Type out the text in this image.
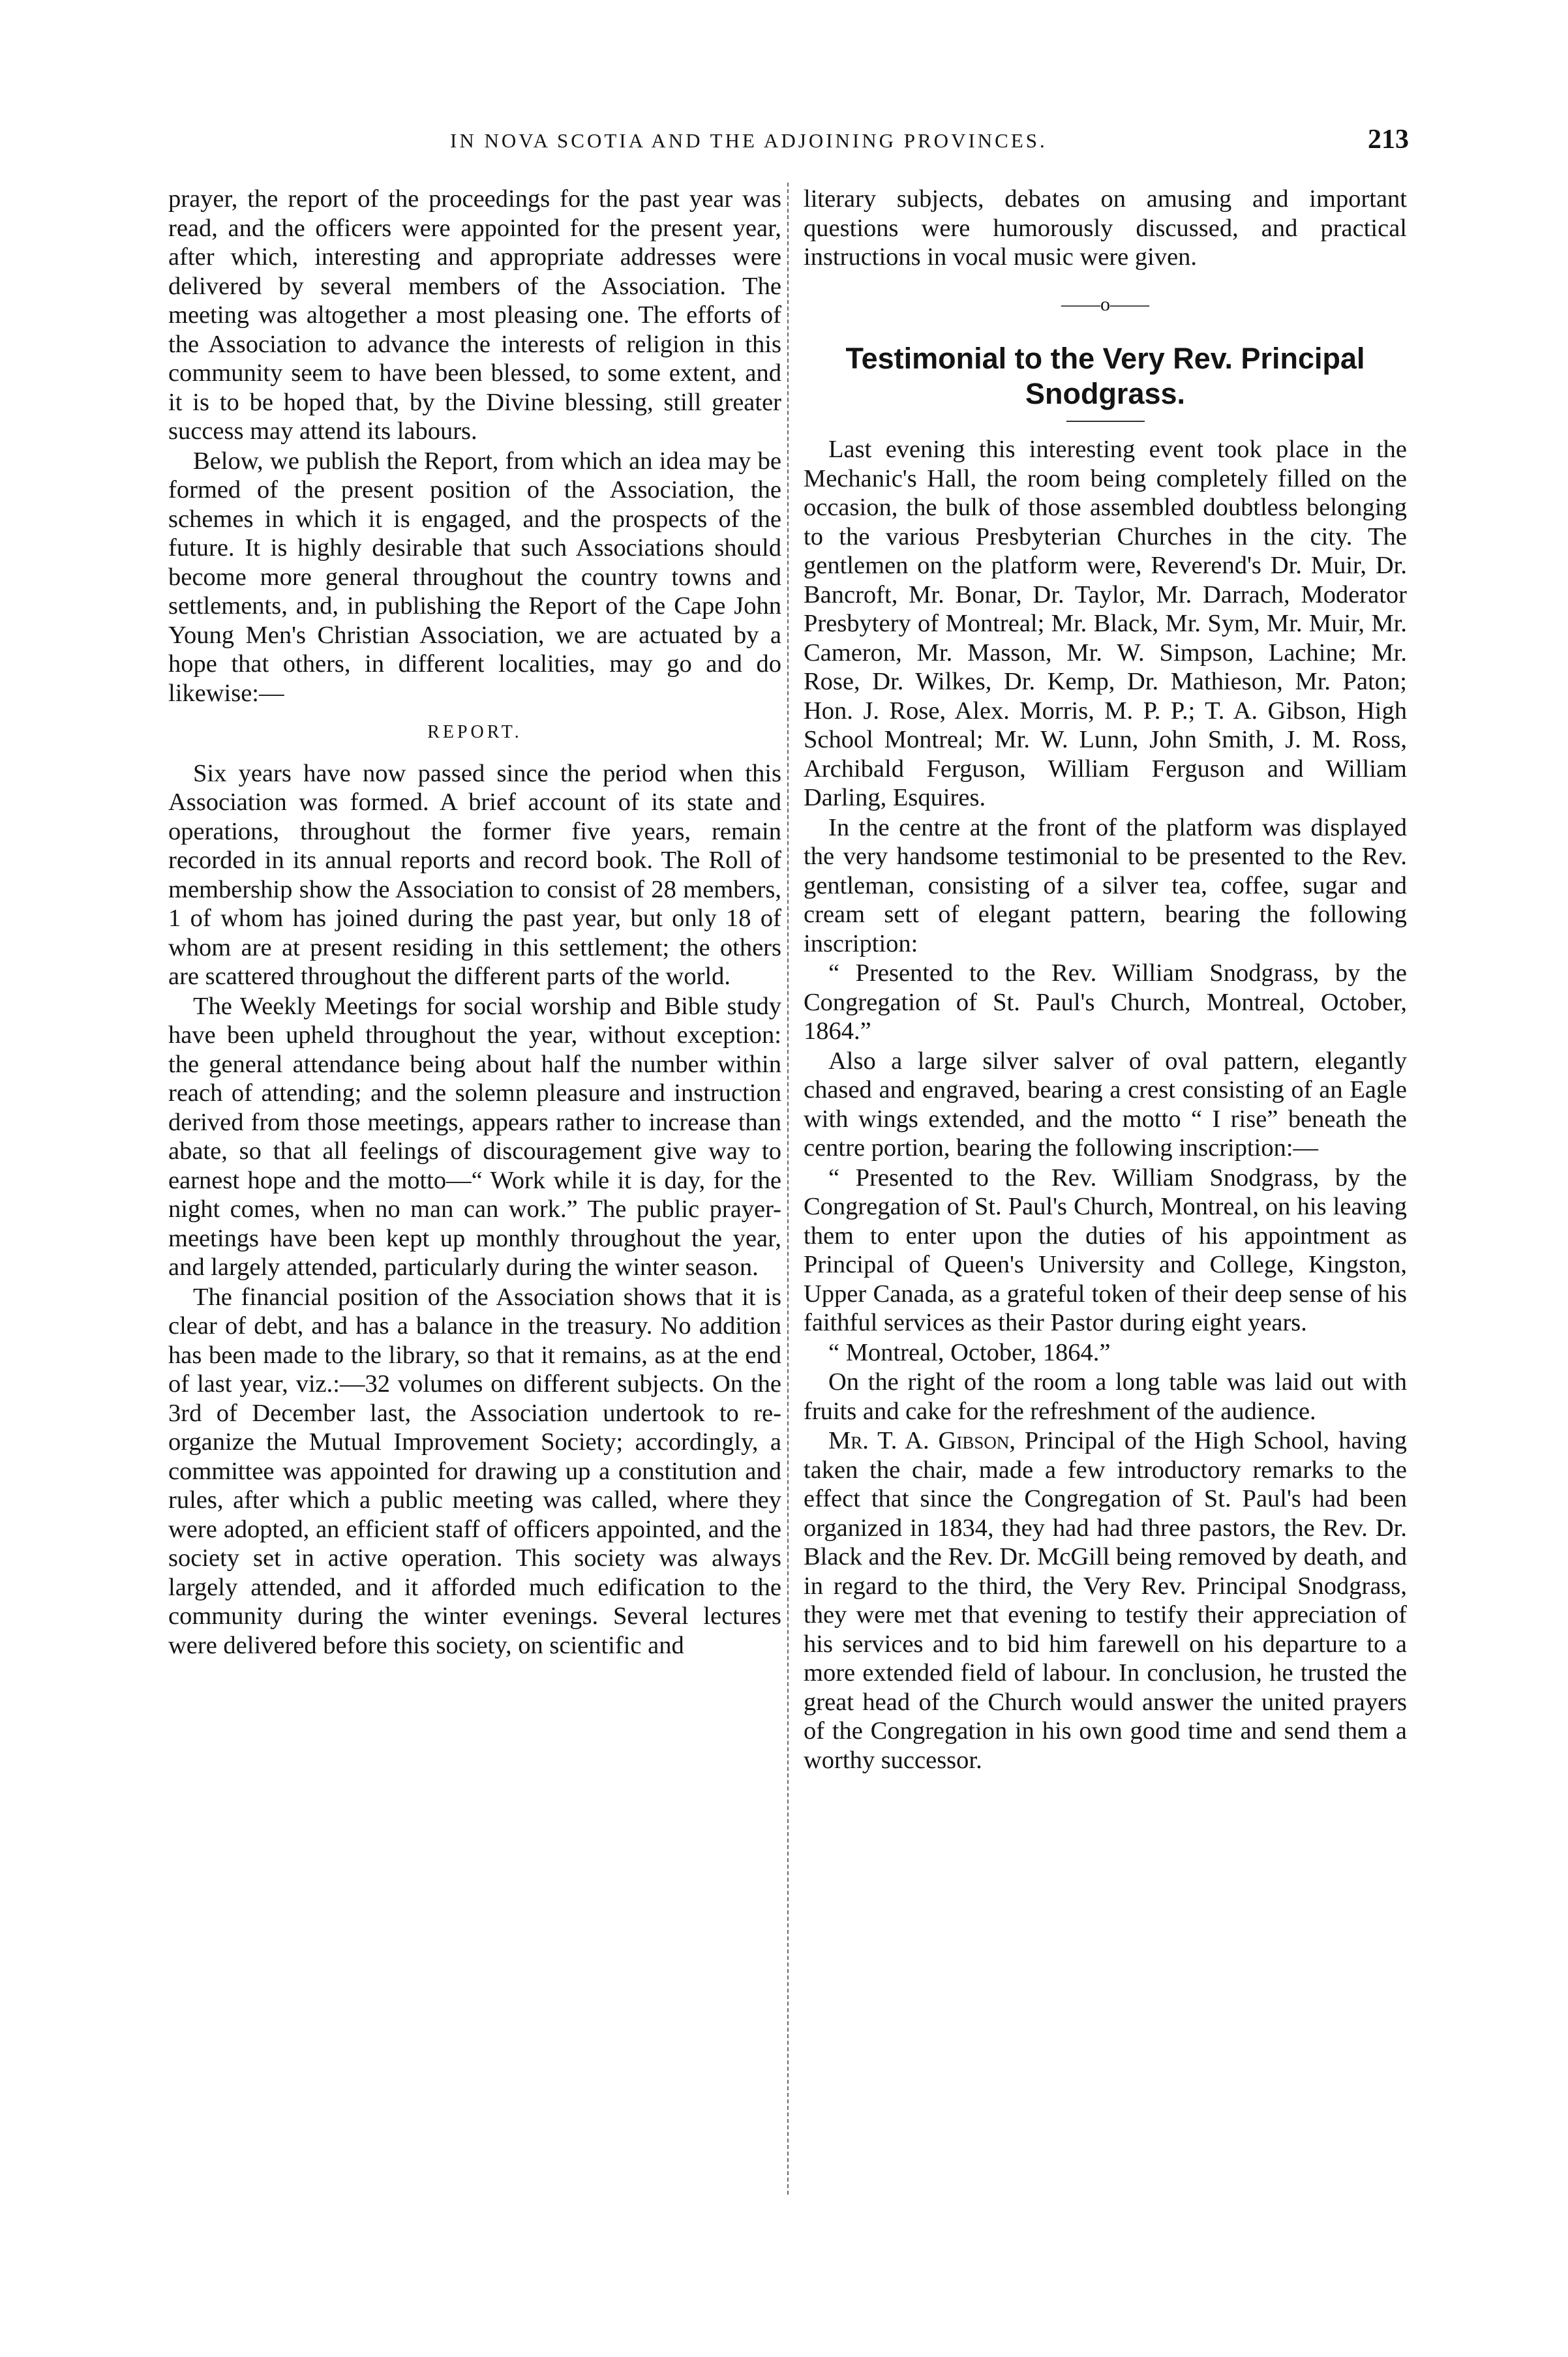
IN NOVA SCOTIA AND THE ADJOINING PROVINCES.	213

prayer, the report of the proceedings for the past year was read, and the officers were appointed for the present year, after which, interesting and appropriate addresses were delivered by several members of the Association. The meeting was altogether a most pleasing one. The efforts of the Association to advance the interests of religion in this community seem to have been blessed, to some extent, and it is to be hoped that, by the Divine blessing, still greater success may attend its labours.

Below, we publish the Report, from which an idea may be formed of the present position of the Association, the schemes in which it is engaged, and the prospects of the future. It is highly desirable that such Associations should become more general throughout the country towns and settlements, and, in publishing the Report of the Cape John Young Men's Christian Association, we are actuated by a hope that others, in different localities, may go and do likewise:—

REPORT.

Six years have now passed since the period when this Association was formed. A brief account of its state and operations, throughout the former five years, remain recorded in its annual reports and record book. The Roll of membership show the Association to consist of 28 members, 1 of whom has joined during the past year, but only 18 of whom are at present residing in this settlement; the others are scattered throughout the different parts of the world.

The Weekly Meetings for social worship and Bible study have been upheld throughout the year, without exception: the general attendance being about half the number within reach of attending; and the solemn pleasure and instruction derived from those meetings, appears rather to increase than abate, so that all feelings of discouragement give way to earnest hope and the motto—“ Work while it is day, for the night comes, when no man can work.” The public prayer-meetings have been kept up monthly throughout the year, and largely attended, particularly during the winter season.

The financial position of the Association shows that it is clear of debt, and has a balance in the treasury. No addition has been made to the library, so that it remains, as at the end of last year, viz.:—32 volumes on different subjects. On the 3rd of December last, the Association undertook to re-organize the Mutual Improvement Society; accordingly, a committee was appointed for drawing up a constitution and rules, after which a public meeting was called, where they were adopted, an efficient staff of officers appointed, and the society set in active operation. This society was always largely attended, and it afforded much edification to the community during the winter evenings. Several lectures were delivered before this society, on scientific and

literary subjects, debates on amusing and important questions were humorously discussed, and practical instructions in vocal music were given.

——o——
Testimonial to the Very Rev. Principal Snodgrass.

Last evening this interesting event took place in the Mechanic's Hall, the room being completely filled on the occasion, the bulk of those assembled doubtless belonging to the various Presbyterian Churches in the city. The gentlemen on the platform were, Reverend's Dr. Muir, Dr. Bancroft, Mr. Bonar, Dr. Taylor, Mr. Darrach, Moderator Presbytery of Montreal; Mr. Black, Mr. Sym, Mr. Muir, Mr. Cameron, Mr. Masson, Mr. W. Simpson, Lachine; Mr. Rose, Dr. Wilkes, Dr. Kemp, Dr. Mathieson, Mr. Paton; Hon. J. Rose, Alex. Morris, M. P. P.; T. A. Gibson, High School Montreal; Mr. W. Lunn, John Smith, J. M. Ross, Archibald Ferguson, William Ferguson and William Darling, Esquires.

In the centre at the front of the platform was displayed the very handsome testimonial to be presented to the Rev. gentleman, consisting of a silver tea, coffee, sugar and cream sett of elegant pattern, bearing the following inscription:

“ Presented to the Rev. William Snodgrass, by the Congregation of St. Paul's Church, Montreal, October, 1864.”

Also a large silver salver of oval pattern, elegantly chased and engraved, bearing a crest consisting of an Eagle with wings extended, and the motto “ I rise” beneath the centre portion, bearing the following inscription:—

“ Presented to the Rev. William Snodgrass, by the Congregation of St. Paul's Church, Montreal, on his leaving them to enter upon the duties of his appointment as Principal of Queen's University and College, Kingston, Upper Canada, as a grateful token of their deep sense of his faithful services as their Pastor during eight years.

“ Montreal, October, 1864.”

On the right of the room a long table was laid out with fruits and cake for the refreshment of the audience.

Mr. T. A. Gibson, Principal of the High School, having taken the chair, made a few introductory remarks to the effect that since the Congregation of St. Paul's had been organized in 1834, they had had three pastors, the Rev. Dr. Black and the Rev. Dr. McGill being removed by death, and in regard to the third, the Very Rev. Principal Snodgrass, they were met that evening to testify their appreciation of his services and to bid him farewell on his departure to a more extended field of labour. In conclusion, he trusted the great head of the Church would answer the united prayers of the Congregation in his own good time and send them a worthy successor.
